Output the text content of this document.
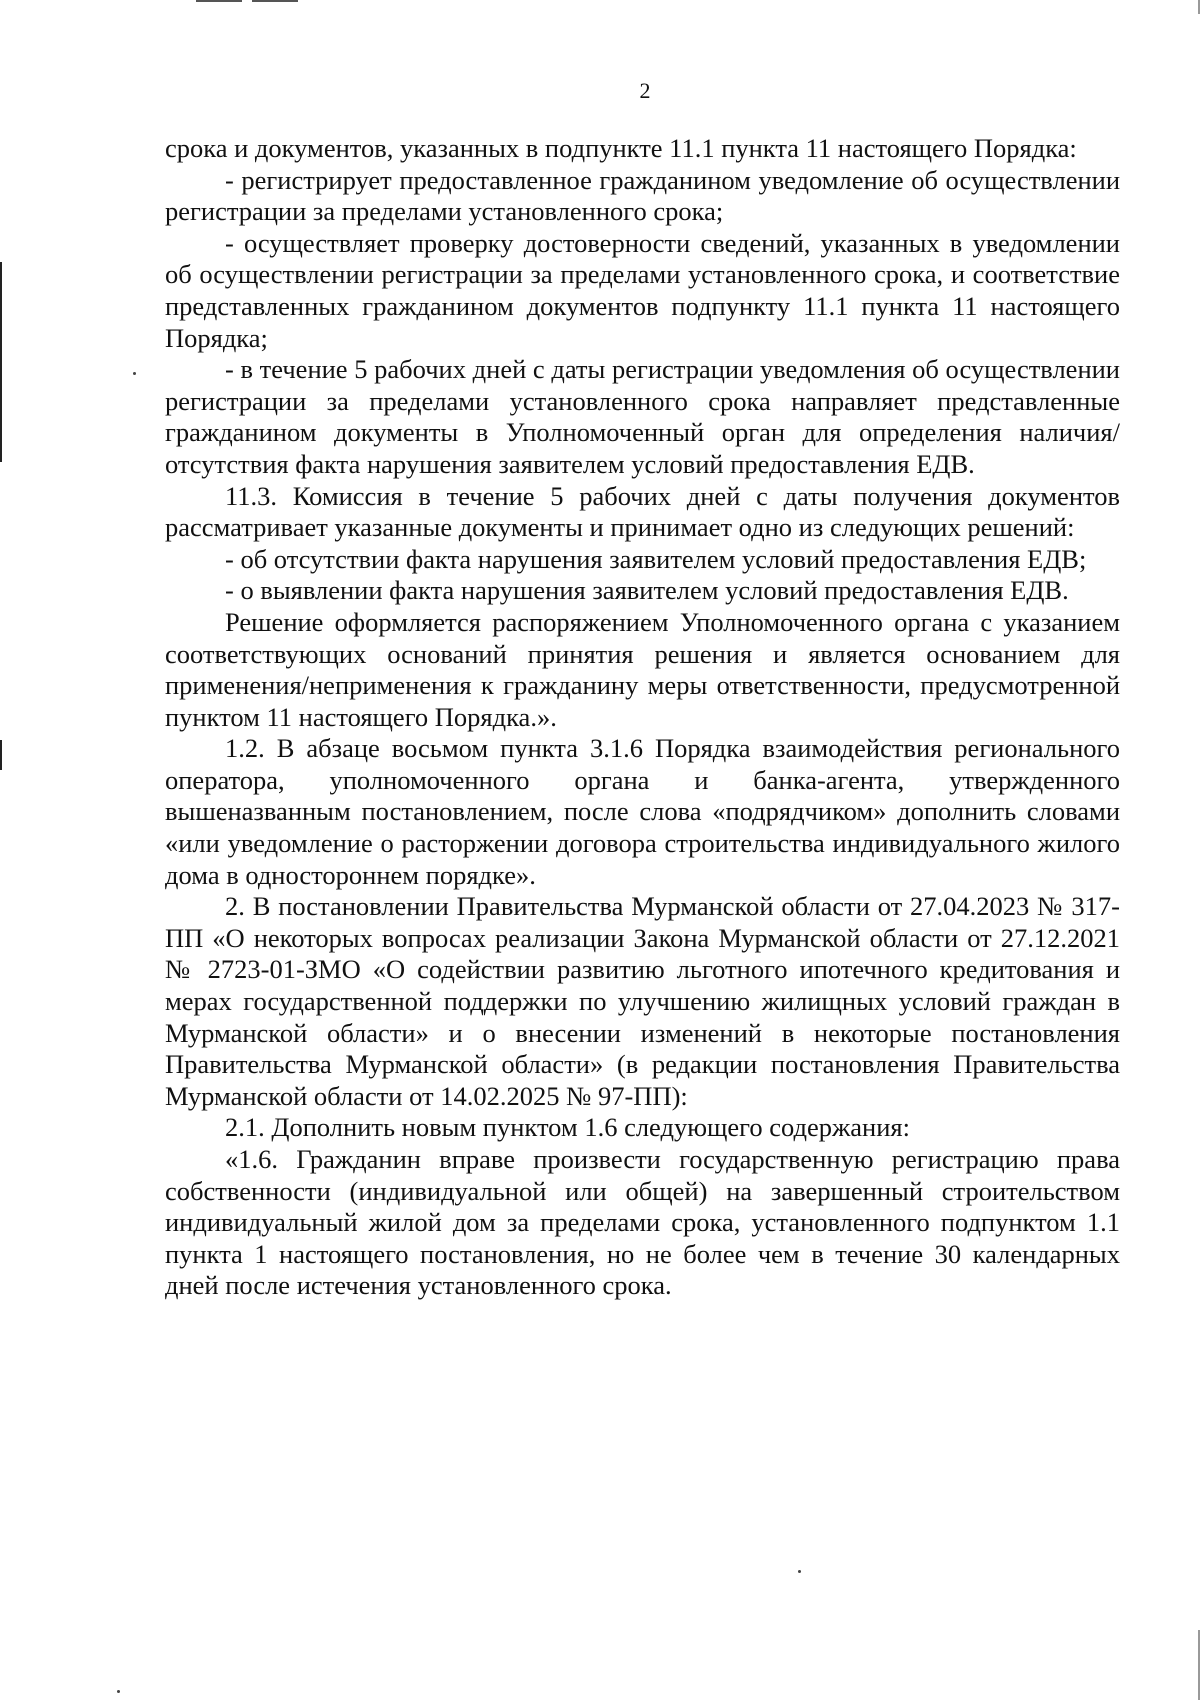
2

срока и документов, указанных в подпункте 11.1 пункта 11 настоящего Порядка:

- регистрирует предоставленное гражданином уведомление об осуществлении регистрации за пределами установленного срока;

- осуществляет проверку достоверности сведений, указанных в уведомлении об осуществлении регистрации за пределами установленного срока, и соответствие представленных гражданином документов подпункту 11.1 пункта 11 настоящего Порядка;

- в течение 5 рабочих дней с даты регистрации уведомления об осуществлении регистрации за пределами установленного срока направляет представленные гражданином документы в Уполномоченный орган для определения наличия/отсутствия факта нарушения заявителем условий предоставления ЕДВ.

11.3. Комиссия в течение 5 рабочих дней с даты получения документов рассматривает указанные документы и принимает одно из следующих решений:

- об отсутствии факта нарушения заявителем условий предоставления ЕДВ;

- о выявлении факта нарушения заявителем условий предоставления ЕДВ.

Решение оформляется распоряжением Уполномоченного органа с указанием соответствующих оснований принятия решения и является основанием для применения/неприменения к гражданину меры ответственности, предусмотренной пунктом 11 настоящего Порядка.».

1.2. В абзаце восьмом пункта 3.1.6 Порядка взаимодействия регионального оператора, уполномоченного органа и банка-агента, утвержденного вышеназванным постановлением, после слова «подрядчиком» дополнить словами «или уведомление о расторжении договора строительства индивидуального жилого дома в одностороннем порядке».

2. В постановлении Правительства Мурманской области от 27.04.2023 № 317-ПП «О некоторых вопросах реализации Закона Мурманской области от 27.12.2021 № 2723-01-ЗМО «О содействии развитию льготного ипотечного кредитования и мерах государственной поддержки по улучшению жилищных условий граждан в Мурманской области» и о внесении изменений в некоторые постановления Правительства Мурманской области» (в редакции постановления Правительства Мурманской области от 14.02.2025 № 97-ПП):

2.1. Дополнить новым пунктом 1.6 следующего содержания:

«1.6. Гражданин вправе произвести государственную регистрацию права собственности (индивидуальной или общей) на завершенный строительством индивидуальный жилой дом за пределами срока, установленного подпунктом 1.1 пункта 1 настоящего постановления, но не более чем в течение 30 календарных дней после истечения установленного срока.
